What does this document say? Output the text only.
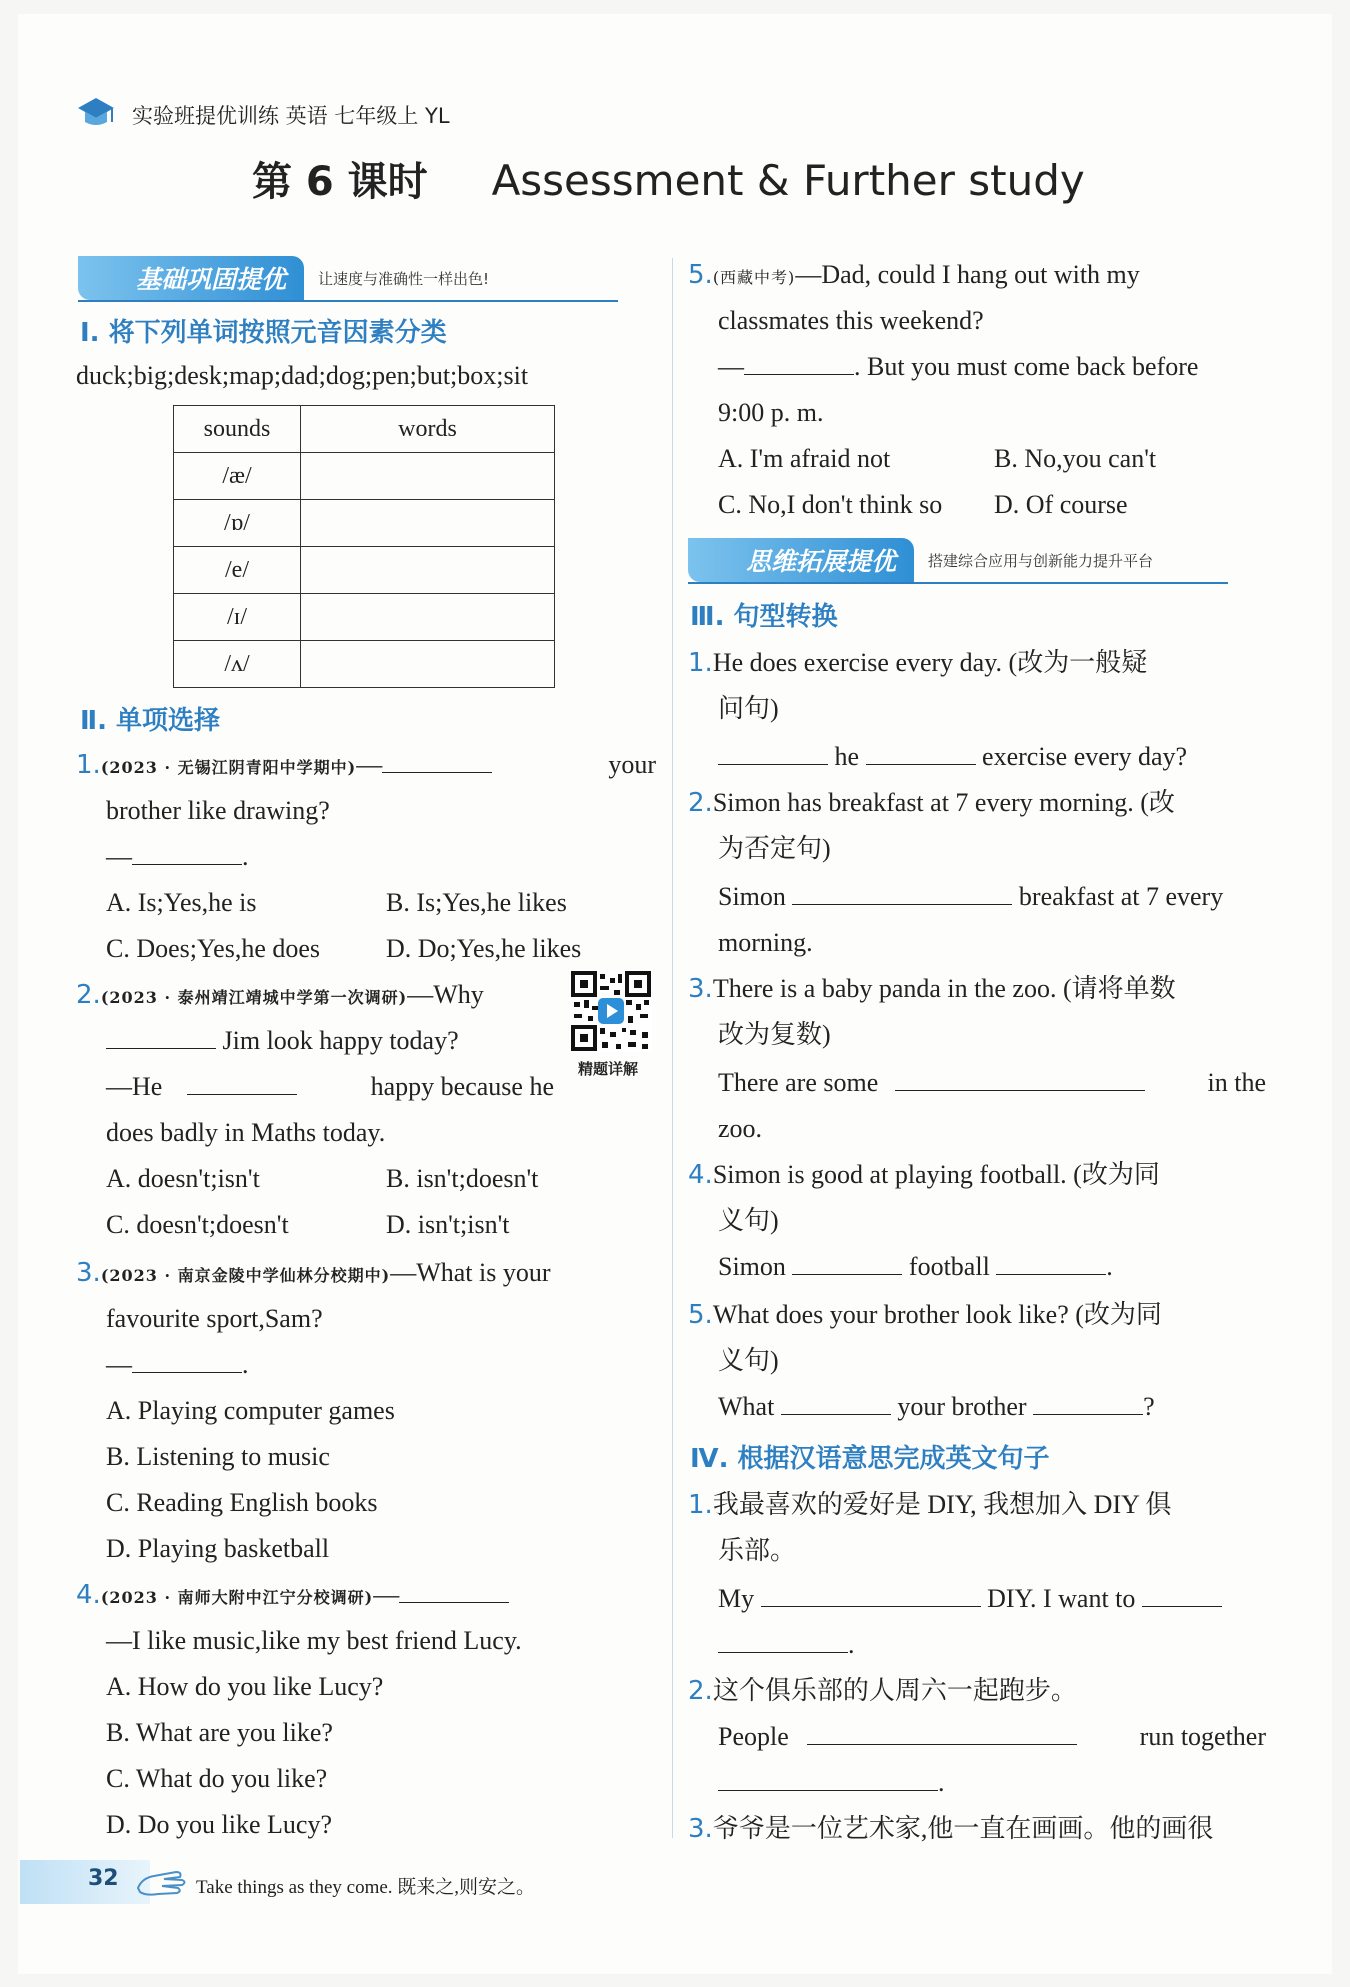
实验班提优训练 英语 七年级上 YL
第 6 课时 Assessment & Further study
基础巩固提优	让速度与准确性一样出色!
Ⅰ. 将下列单词按照元音因素分类
duck;big;desk;map;dad;dog;pen;but;box;sit
sounds	words
/æ/	
/ɒ/	
/e/	
/ɪ/	
/ʌ/	
Ⅱ. 单项选择
1.(2023 · 无锡江阴青阳中学期中)—	your
brother like drawing?
—	.
A. Is;Yes,he is	B. Is;Yes,he likes
C. Does;Yes,he does	D. Do;Yes,he likes
2.(2023 · 泰州靖江靖城中学第一次调研)—Why
Jim look happy today?
—He	happy because he
does badly in Maths today.
精题详解
A. doesn't;isn't	B. isn't;doesn't
C. doesn't;doesn't	D. isn't;isn't
3.(2023 · 南京金陵中学仙林分校期中)—What is your
favourite sport,Sam?
—	.
A. Playing computer games
B. Listening to music
C. Reading English books
D. Playing basketball
4.(2023 · 南师大附中江宁分校调研)—
—I like music,like my best friend Lucy.
A. How do you like Lucy?
B. What are you like?
C. What do you like?
D. Do you like Lucy?
5.(西藏中考)—Dad, could I hang out with my
classmates this weekend?
—	. But you must come back before
9:00 p. m.
A. I'm afraid not	B. No,you can't
C. No,I don't think so D. Of course
思维拓展提优	搭建综合应用与创新能力提升平台
Ⅲ. 句型转换
1.He does exercise every day. (改为一般疑
问句)
he	exercise every day?
2.Simon has breakfast at 7 every morning. (改
为否定句)
Simon	breakfast at 7 every
morning.
3.There is a baby panda in the zoo. (请将单数
改为复数)
There are some	in the
zoo.
4.Simon is good at playing football. (改为同
义句)
Simon	football	.
5.What does your brother look like? (改为同
义句)
What	your brother	?
Ⅳ. 根据汉语意思完成英文句子
1.我最喜欢的爱好是 DIY, 我想加入 DIY 俱
乐部。
My	DIY. I want to
.
2.这个俱乐部的人周六一起跑步。
People	run together
.
3.爷爷是一位艺术家,他一直在画画。他的画很
32	Take things as they come. 既来之,则安之。
